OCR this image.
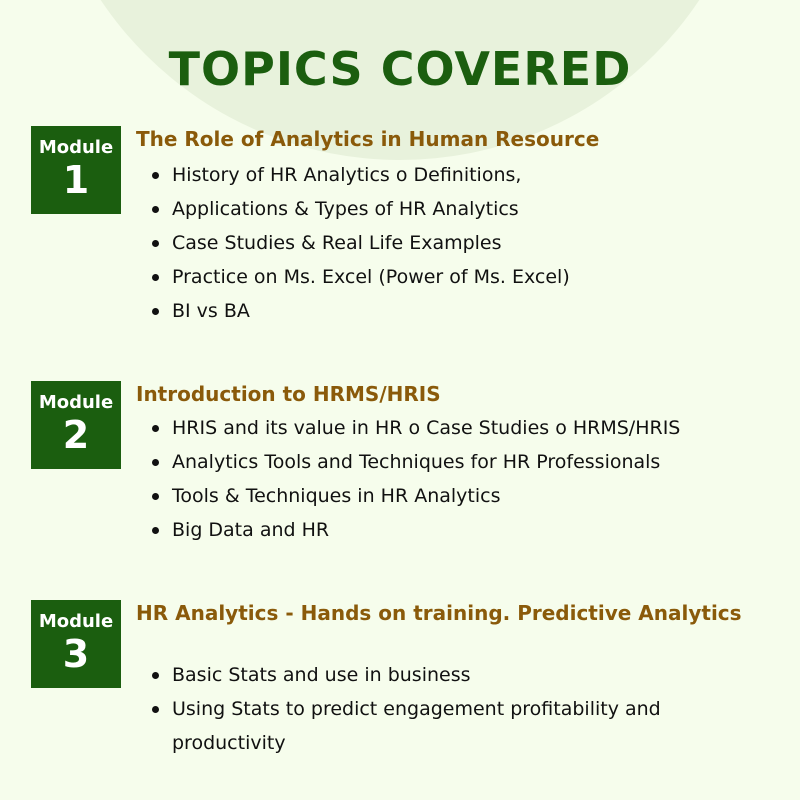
TOPICS COVERED
Module
1
The Role of Analytics in Human Resource
History of HR Analytics o Definitions,
Applications & Types of HR Analytics
Case Studies & Real Life Examples
Practice on Ms. Excel (Power of Ms. Excel)
BI vs BA
Module
2
Introduction to HRMS/HRIS
HRIS and its value in HR o Case Studies o HRMS/HRIS
Analytics Tools and Techniques for HR Professionals
Tools & Techniques in HR Analytics
Big Data and HR
Module
3
HR Analytics - Hands on training. Predictive Analytics
Basic Stats and use in business
Using Stats to predict engagement profitability and productivity
